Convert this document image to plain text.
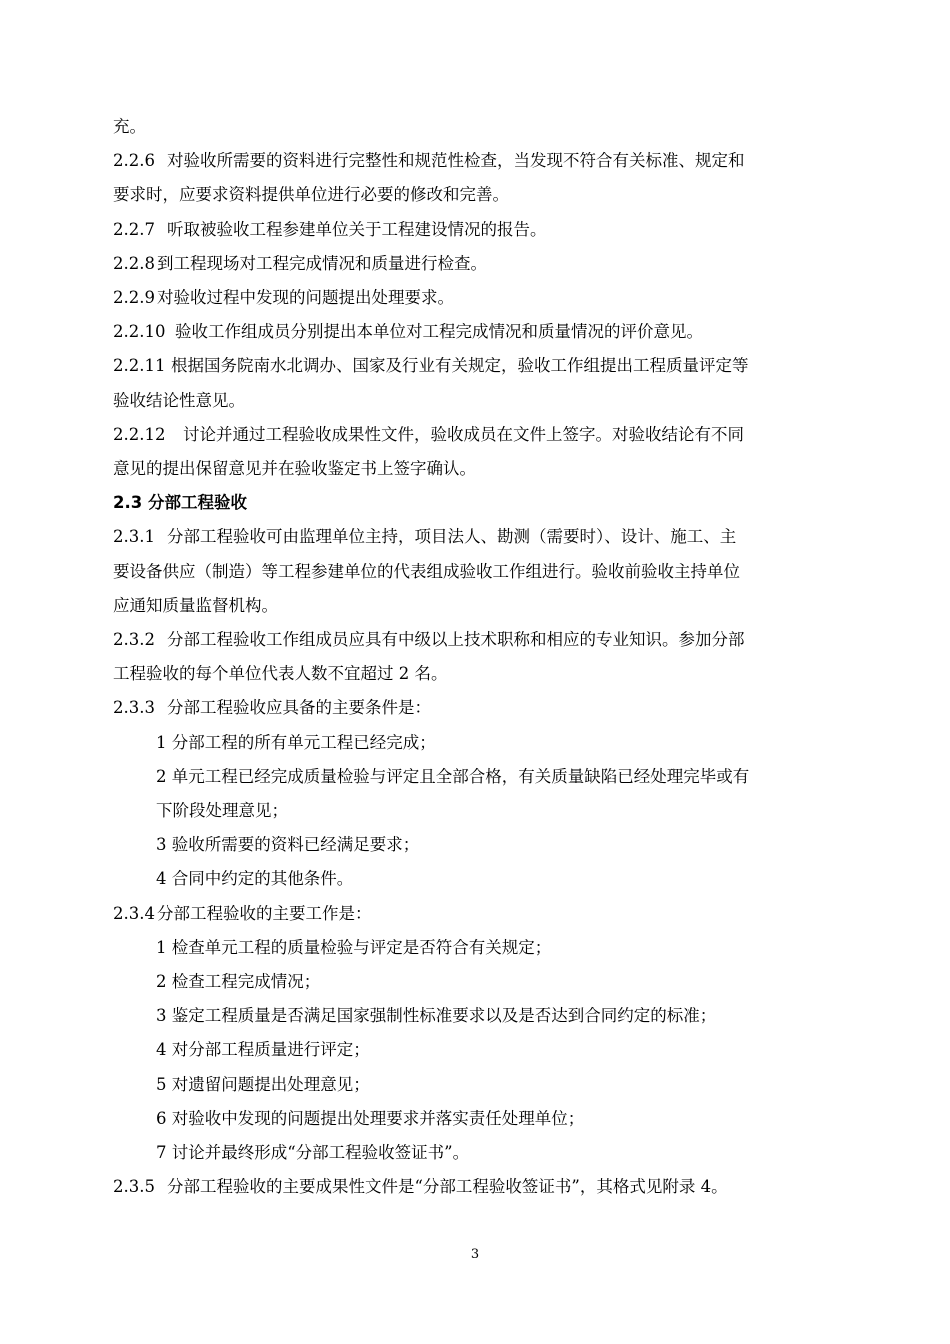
充。
2.2.6 对验收所需要的资料进行完整性和规范性检查，当发现不符合有关标准、规定和
要求时，应要求资料提供单位进行必要的修改和完善。
2.2.7 听取被验收工程参建单位关于工程建设情况的报告。
2.2.8 到工程现场对工程完成情况和质量进行检查。
2.2.9 对验收过程中发现的问题提出处理要求。
2.2.10 验收工作组成员分别提出本单位对工程完成情况和质量情况的评价意见。
2.2.11 根据国务院南水北调办、国家及行业有关规定，验收工作组提出工程质量评定等
验收结论性意见。
2.2.12 讨论并通过工程验收成果性文件，验收成员在文件上签字。对验收结论有不同
意见的提出保留意见并在验收鉴定书上签字确认。
2.3 分部工程验收
2.3.1 分部工程验收可由监理单位主持，项目法人、勘测（需要时）、设计、施工、主
要设备供应（制造）等工程参建单位的代表组成验收工作组进行。验收前验收主持单位
应通知质量监督机构。
2.3.2 分部工程验收工作组成员应具有中级以上技术职称和相应的专业知识。参加分部
工程验收的每个单位代表人数不宜超过 2 名。
2.3.3 分部工程验收应具备的主要条件是：
1 分部工程的所有单元工程已经完成；
2 单元工程已经完成质量检验与评定且全部合格，有关质量缺陷已经处理完毕或有
下阶段处理意见；
3 验收所需要的资料已经满足要求；
4 合同中约定的其他条件。
2.3.4 分部工程验收的主要工作是：
1 检查单元工程的质量检验与评定是否符合有关规定；
2 检查工程完成情况；
3 鉴定工程质量是否满足国家强制性标准要求以及是否达到合同约定的标准；
4 对分部工程质量进行评定；
5 对遗留问题提出处理意见；
6 对验收中发现的问题提出处理要求并落实责任处理单位；
7 讨论并最终形成“分部工程验收签证书”。
2.3.5 分部工程验收的主要成果性文件是“分部工程验收签证书”，其格式见附录 4。
3
